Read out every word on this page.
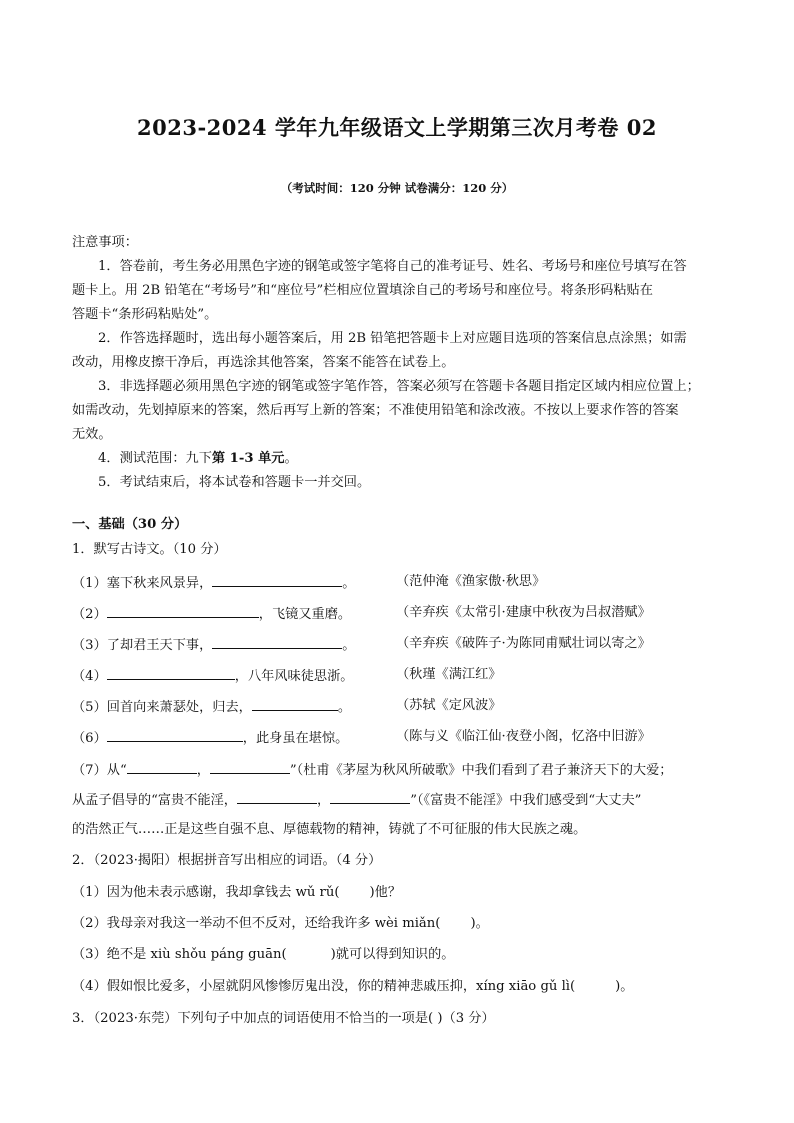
2023-2024 学年九年级语文上学期第三次月考卷 02
（考试时间：120 分钟 试卷满分：120 分）
注意事项：
1．答卷前，考生务必用黑色字迹的钢笔或签字笔将自己的准考证号、姓名、考场号和座位号填写在答
题卡上。用 2B 铅笔在“考场号”和“座位号”栏相应位置填涂自己的考场号和座位号。将条形码粘贴在
答题卡“条形码粘贴处”。
2．作答选择题时，选出每小题答案后，用 2B 铅笔把答题卡上对应题目选项的答案信息点涂黑；如需
改动，用橡皮擦干净后，再选涂其他答案，答案不能答在试卷上。
3．非选择题必须用黑色字迹的钢笔或签字笔作答，答案必须写在答题卡各题目指定区域内相应位置上；
如需改动，先划掉原来的答案，然后再写上新的答案；不准使用铅笔和涂改液。不按以上要求作答的答案
无效。
4．测试范围：九下第 1-3 单元。
5．考试结束后，将本试卷和答题卡一并交回。
一、基础（30 分）
1．默写古诗文。（10 分）
（1）塞下秋来风景异，	。	（范仲淹《渔家傲·秋思》
（2）	，飞镜又重磨。	（辛弃疾《太常引·建康中秋夜为吕叔潜赋》
（3）了却君王天下事，	。	（辛弃疾《破阵子·为陈同甫赋壮词以寄之》
（4）	，八年风味徒思浙。	（秋瑾《满江红》
（5）回首向来萧瑟处，归去，	。	（苏轼《定风波》
（6）	，此身虽在堪惊。	（陈与义《临江仙·夜登小阁，忆洛中旧游》
（7）从“	，	”（杜甫《茅屋为秋风所破歌》中我们看到了君子兼济天下的大爱；
从孟子倡导的“富贵不能淫，	，	”（《富贵不能淫》中我们感受到“大丈夫”
的浩然正气……正是这些自强不息、厚德载物的精神，铸就了不可征服的伟大民族之魂。
2．（2023·揭阳）根据拼音写出相应的词语。（4 分）
（1）因为他未表示感谢，我却拿钱去 wǔ rǔ( )他？
（2）我母亲对我这一举动不但不反对，还给我许多 wèi miǎn( )。
（3）绝不是 xiù shǒu páng guān(	)就可以得到知识的。
（4）假如恨比爱多，小屋就阴风惨惨厉鬼出没，你的精神悲戚压抑，xíng xiāo gǔ lì(	)。
3．（2023·东莞）下列句子中加点的词语使用不恰当的一项是( )（3 分）
